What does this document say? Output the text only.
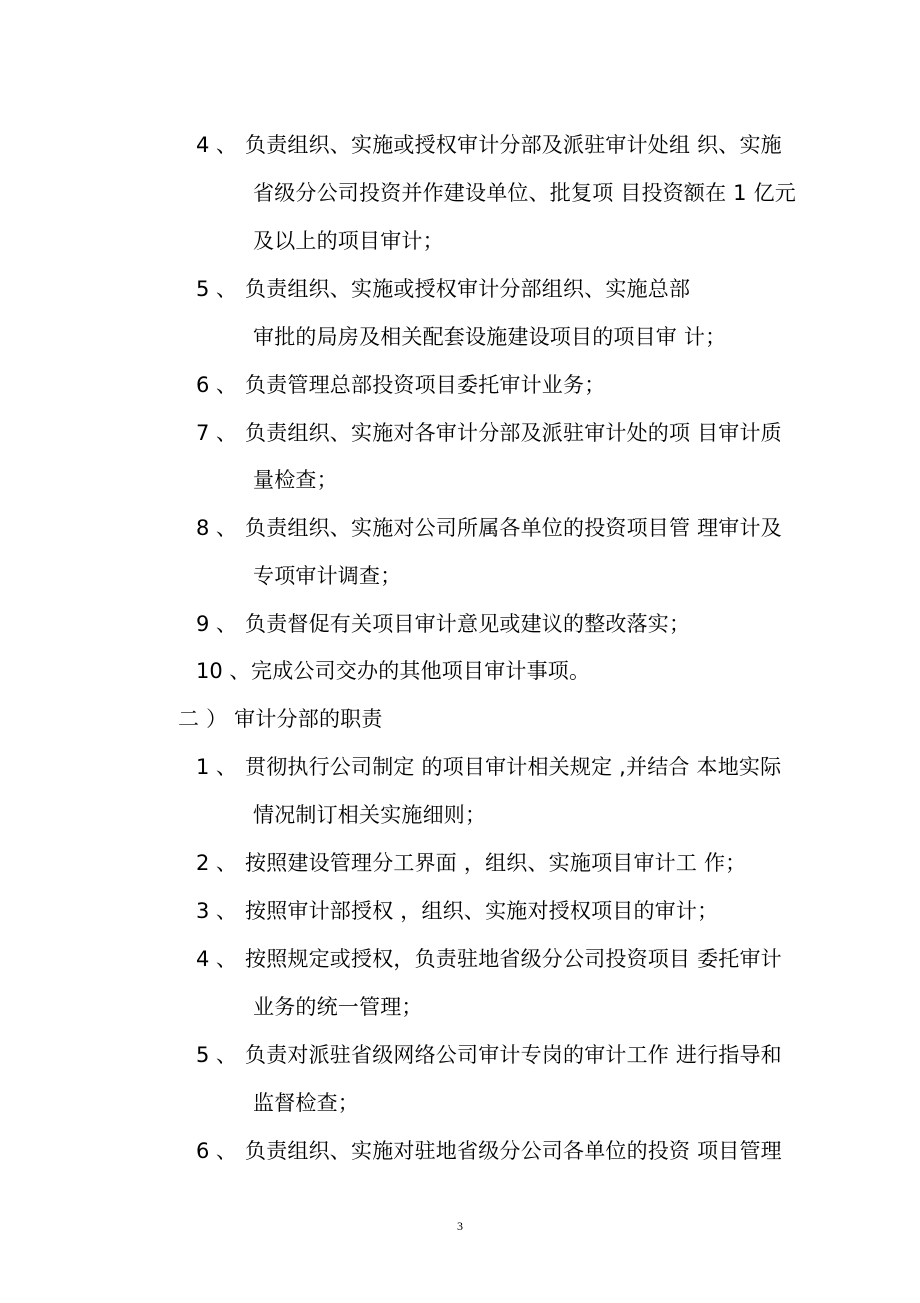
4 、 负责组织、实施或授权审计分部及派驻审计处组 织、实施
省级分公司投资并作建设单位、批复项 目投资额在 1 亿元
及以上的项目审计；
5 、 负责组织、实施或授权审计分部组织、实施总部
审批的局房及相关配套设施建设项目的项目审 计；
6 、 负责管理总部投资项目委托审计业务；
7 、 负责组织、实施对各审计分部及派驻审计处的项 目审计质
量检查；
8 、 负责组织、实施对公司所属各单位的投资项目管 理审计及
专项审计调查；
9 、 负责督促有关项目审计意见或建议的整改落实；
10 、 完成公司交办的其他项目审计事项。
二 ） 审计分部的职责
1 、 贯彻执行公司制定 的项目审计相关规定 ,并结合 本地实际
情况制订相关实施细则；
2 、 按照建设管理分工界面 ，组织、实施项目审计工 作；
3 、 按照审计部授权 ，组织、实施对授权项目的审计；
4 、 按照规定或授权，负责驻地省级分公司投资项目 委托审计
业务的统一管理；
5 、 负责对派驻省级网络公司审计专岗的审计工作 进行指导和
监督检查；
6 、 负责组织、实施对驻地省级分公司各单位的投资 项目管理
3
